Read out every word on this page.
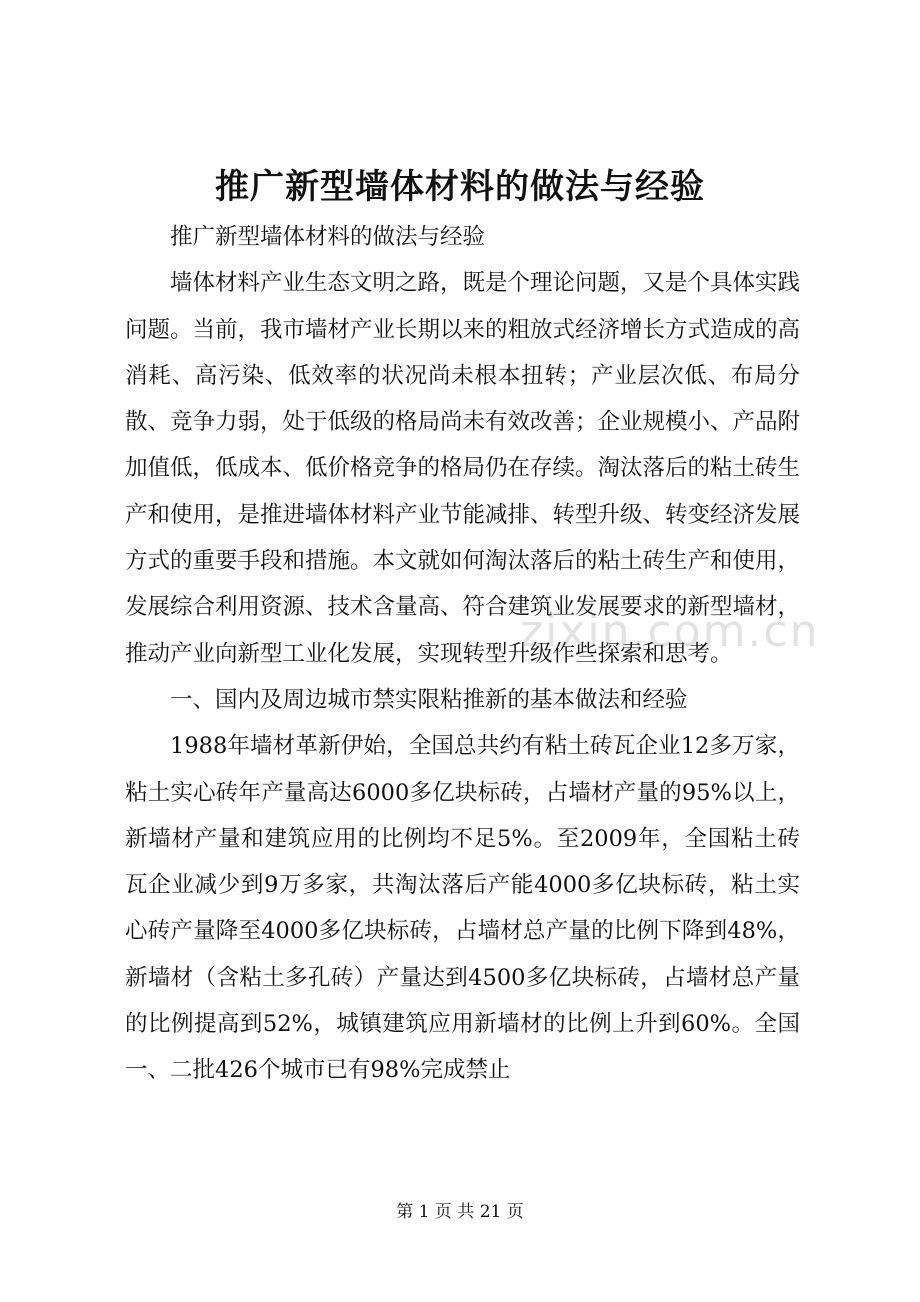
推广新型墙体材料的做法与经验

推广新型墙体材料的做法与经验

墙体材料产业生态文明之路，既是个理论问题，又是个具体实践问题。当前，我市墙材产业长期以来的粗放式经济增长方式造成的高消耗、高污染、低效率的状况尚未根本扭转；产业层次低、布局分散、竞争力弱，处于低级的格局尚未有效改善；企业规模小、产品附加值低，低成本、低价格竞争的格局仍在存续。淘汰落后的粘土砖生产和使用，是推进墙体材料产业节能减排、转型升级、转变经济发展方式的重要手段和措施。本文就如何淘汰落后的粘土砖生产和使用，发展综合利用资源、技术含量高、符合建筑业发展要求的新型墙材，推动产业向新型工业化发展，实现转型升级作些探索和思考。

一、国内及周边城市禁实限粘推新的基本做法和经验

1988年墙材革新伊始，全国总共约有粘土砖瓦企业12多万家，粘土实心砖年产量高达6000多亿块标砖，占墙材产量的95%以上，新墙材产量和建筑应用的比例均不足5%。至2009年，全国粘土砖瓦企业减少到9万多家，共淘汰落后产能4000多亿块标砖，粘土实心砖产量降至4000多亿块标砖，占墙材总产量的比例下降到48%，新墙材（含粘土多孔砖）产量达到4500多亿块标砖，占墙材总产量的比例提高到52%，城镇建筑应用新墙材的比例上升到60%。全国一、二批426个城市已有98%完成禁止

zixin.com.cn
第 1 页 共 21 页
